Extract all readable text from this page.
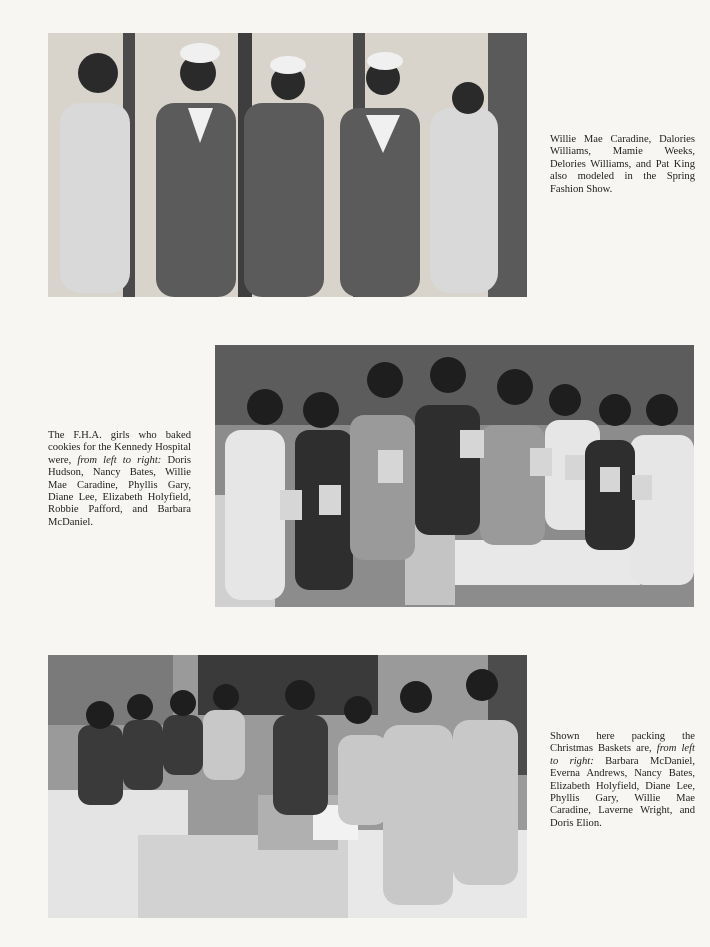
Willie Mae Caradine, Dalories Williams, Mamie Weeks, Delories Williams, and Pat King also modeled in the Spring Fashion Show.
The F.H.A. girls who baked cookies for the Kennedy Hospital were, from left to right: Doris Hudson, Nancy Bates, Willie Mae Caradine, Phyllis Gary, Diane Lee, Elizabeth Holyfield, Robbie Pafford, and Barbara McDaniel.
Shown here packing the Christmas Baskets are, from left to right: Barbara McDaniel, Everna Andrews, Nancy Bates, Elizabeth Holyfield, Diane Lee, Phyllis Gary, Willie Mae Caradine, Laverne Wright, and Doris Elion.
